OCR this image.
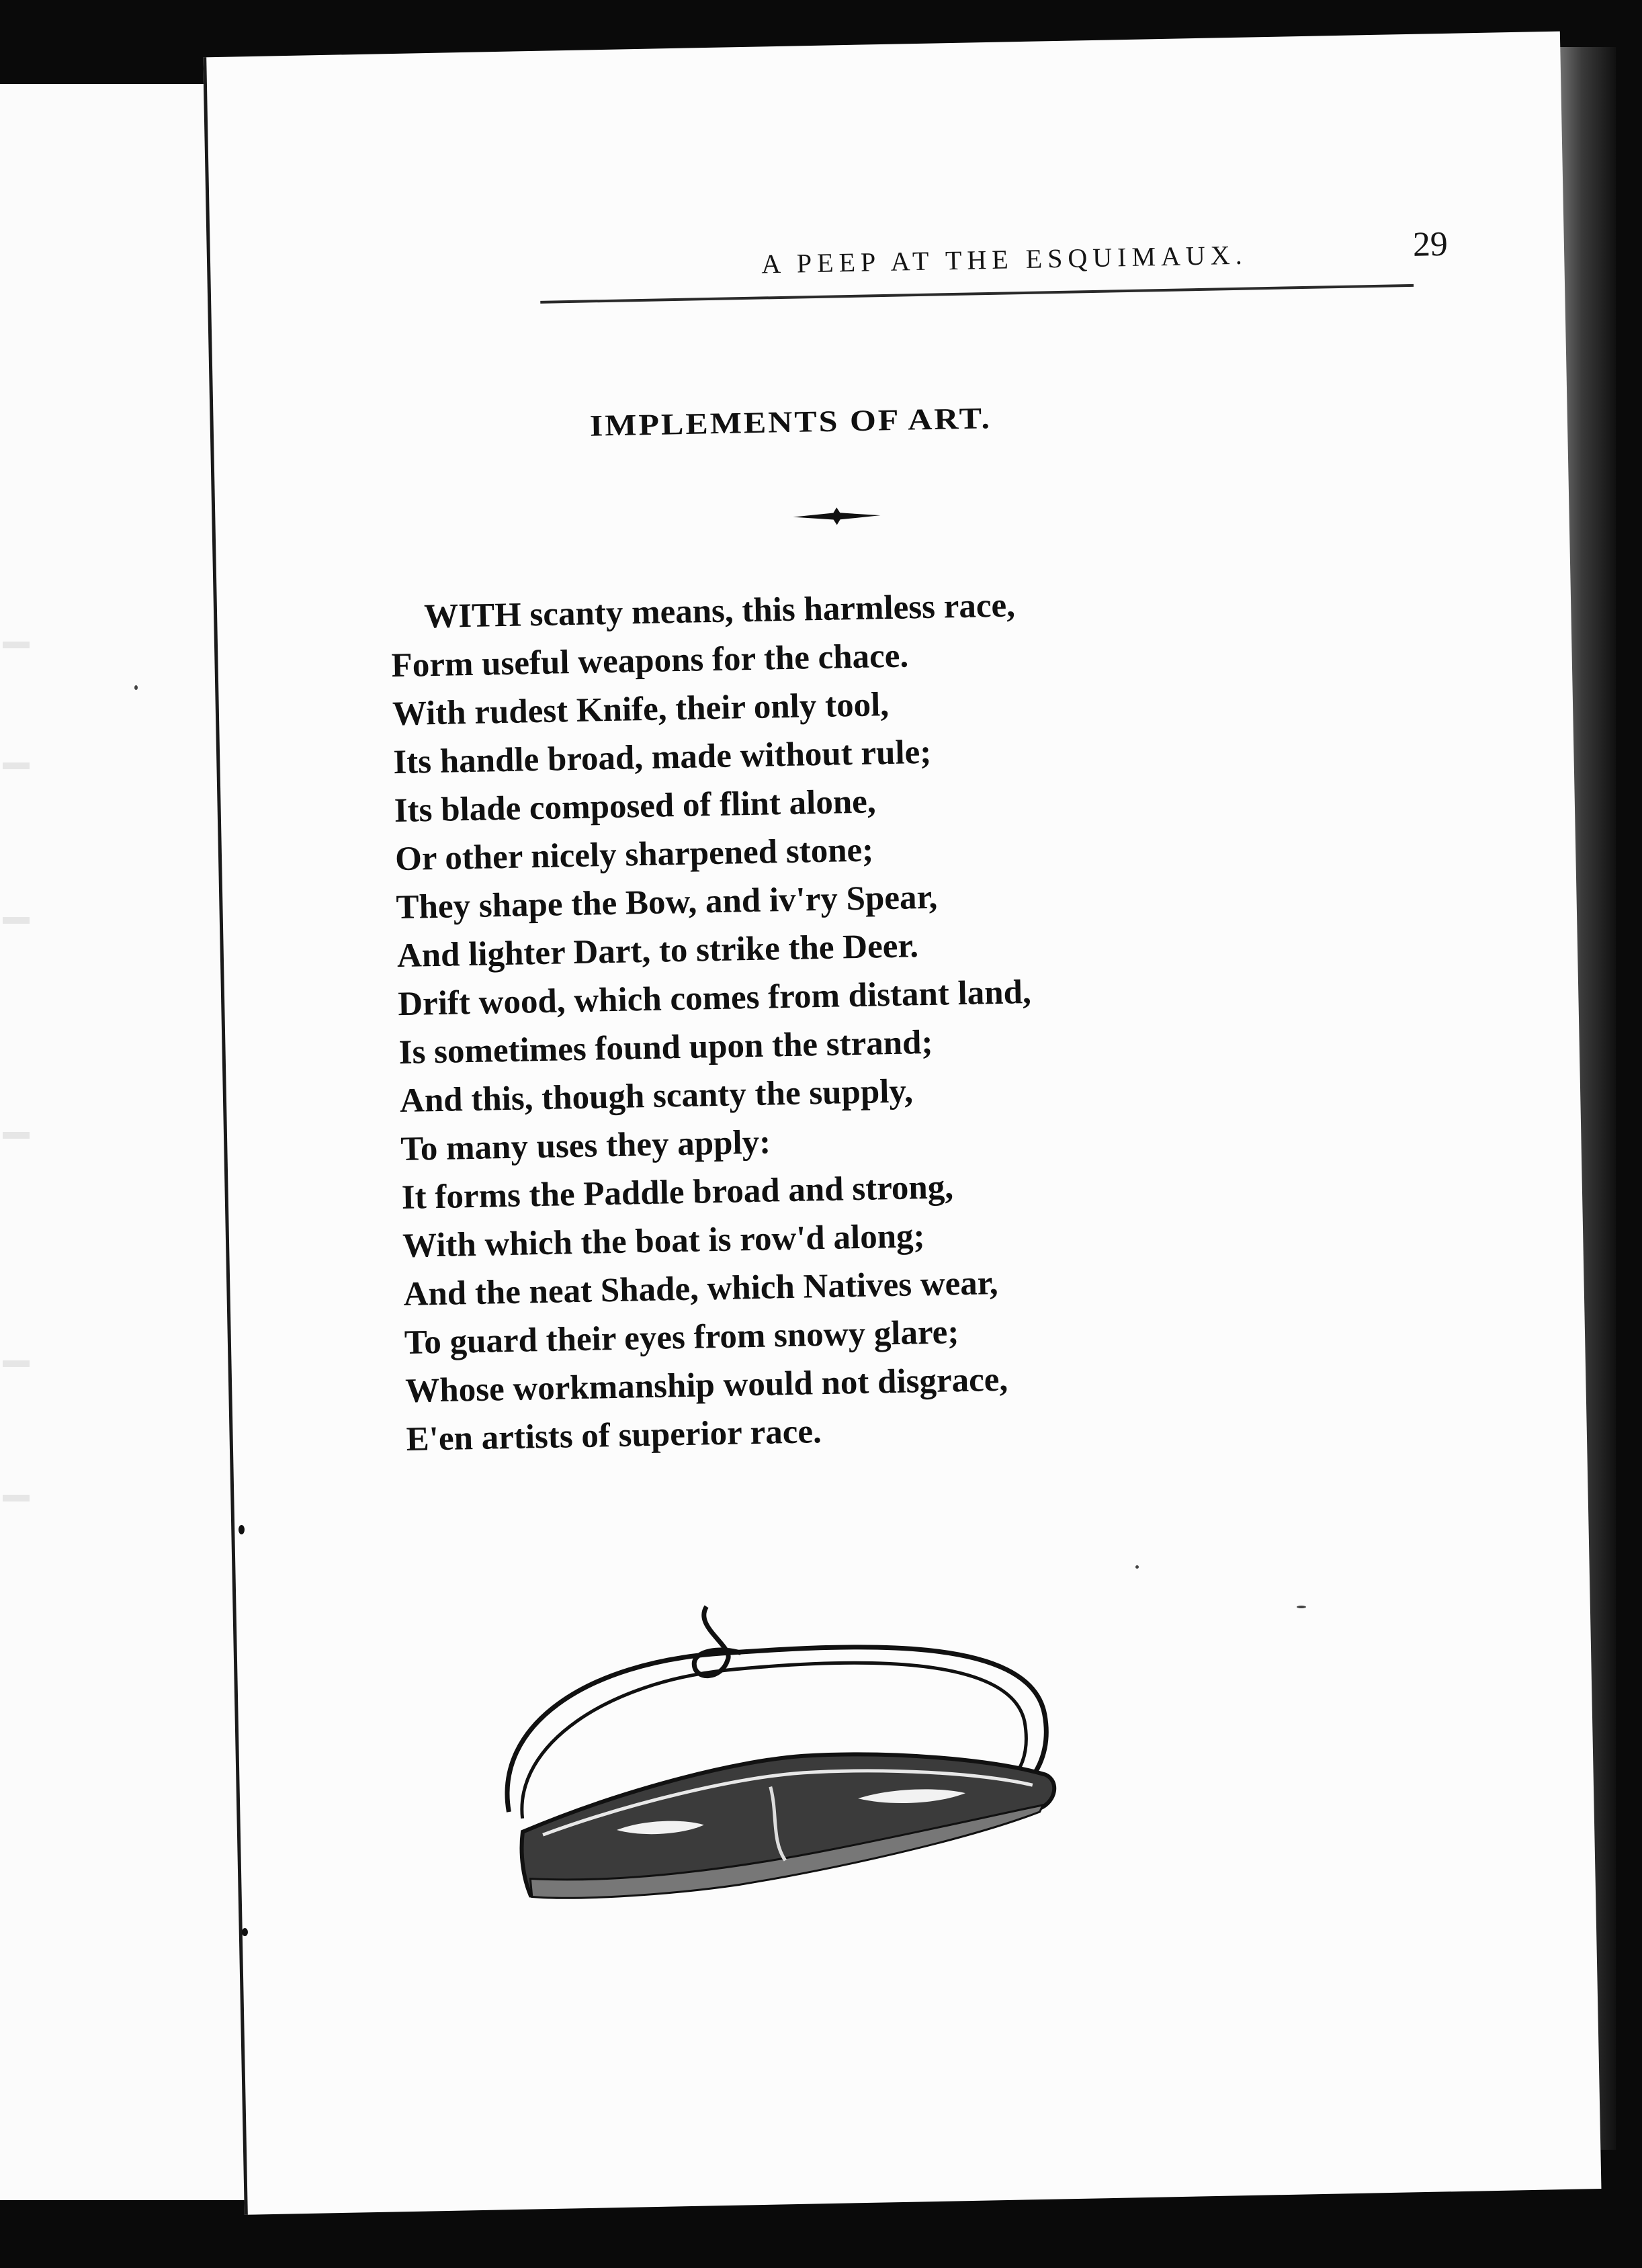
A PEEP AT THE ESQUIMAUX.	29
IMPLEMENTS OF ART.
WITH scanty means, this harmless race,
Form useful weapons for the chace.
With rudest Knife, their only tool,
Its handle broad, made without rule;
Its blade composed of flint alone,
Or other nicely sharpened stone;
They shape the Bow, and iv'ry Spear,
And lighter Dart, to strike the Deer.
Drift wood, which comes from distant land,
Is sometimes found upon the strand;
And this, though scanty the supply,
To many uses they apply:
It forms the Paddle broad and strong,
With which the boat is row'd along;
And the neat Shade, which Natives wear,
To guard their eyes from snowy glare;
Whose workmanship would not disgrace,
E'en artists of superior race.
